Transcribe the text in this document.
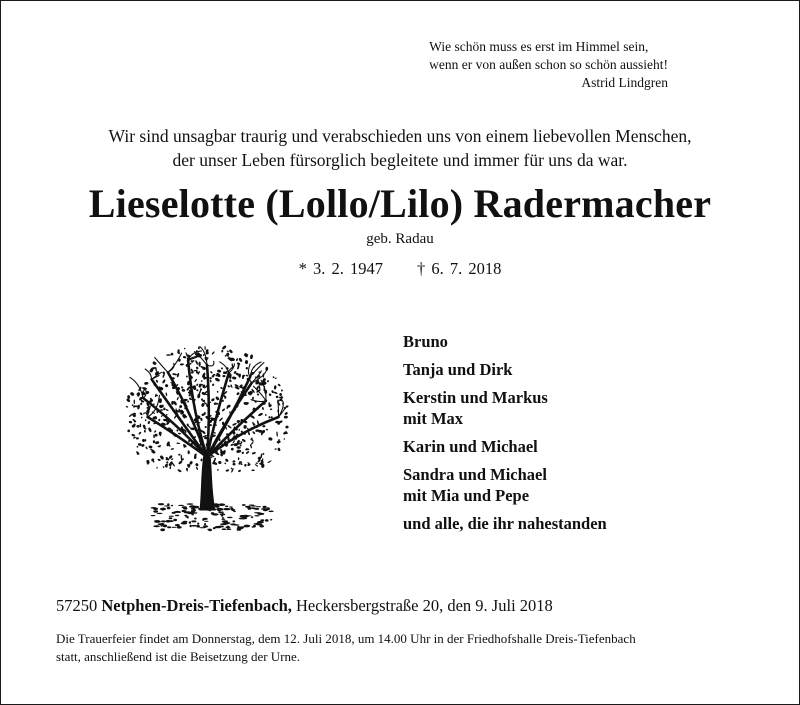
Wie schön muss es erst im Himmel sein,
wenn er von außen schon so schön aussieht!
Astrid Lindgren
Wir sind unsagbar traurig und verabschieden uns von einem liebevollen Menschen,
der unser Leben fürsorglich begleitete und immer für uns da war.
Lieselotte (Lollo/Lilo) Radermacher
geb. Radau
* 3. 2. 1947 † 6. 7. 2018
Bruno
Tanja und Dirk
Kerstin und Markus
mit Max
Karin und Michael
Sandra und Michael
mit Mia und Pepe
und alle, die ihr nahestanden
57250 Netphen-Dreis-Tiefenbach, Heckersbergstraße 20, den 9. Juli 2018
Die Trauerfeier findet am Donnerstag, dem 12. Juli 2018, um 14.00 Uhr in der Friedhofshalle Dreis-Tiefenbach
statt, anschließend ist die Beisetzung der Urne.
